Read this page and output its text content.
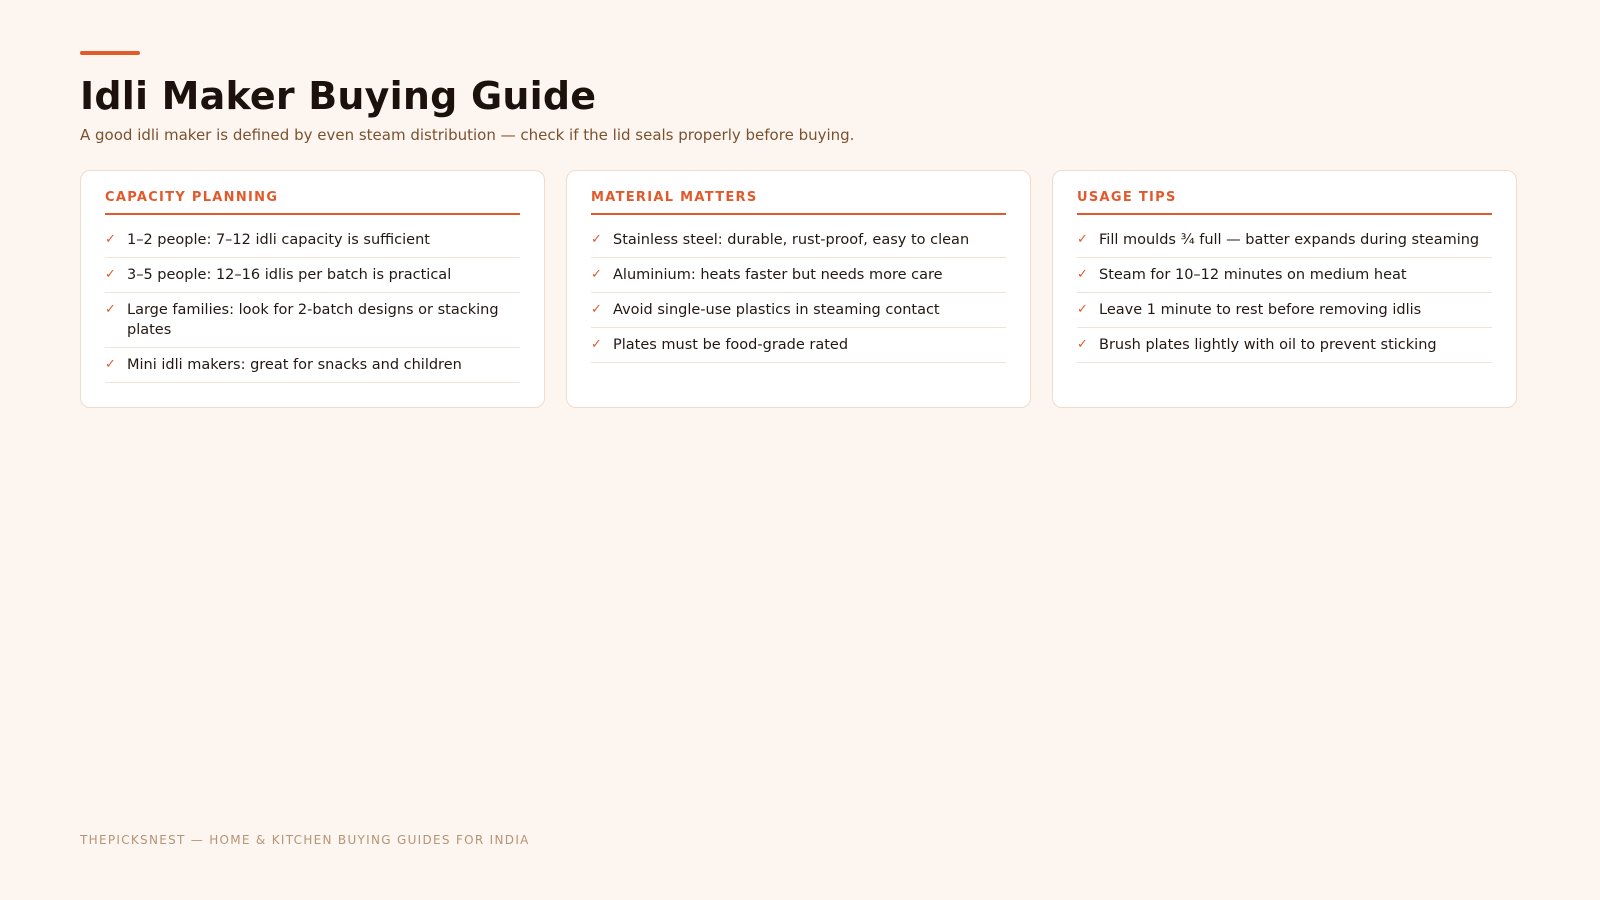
Idli Maker Buying Guide

A good idli maker is defined by even steam distribution — check if the lid seals properly before buying.

CAPACITY PLANNING
✓ 1–2 people: 7–12 idli capacity is sufficient
✓ 3–5 people: 12–16 idlis per batch is practical
✓ Large families: look for 2-batch designs or stacking plates
✓ Mini idli makers: great for snacks and children
MATERIAL MATTERS
✓ Stainless steel: durable, rust-proof, easy to clean
✓ Aluminium: heats faster but needs more care
✓ Avoid single-use plastics in steaming contact
✓ Plates must be food-grade rated
USAGE TIPS
✓ Fill moulds ¾ full — batter expands during steaming
✓ Steam for 10–12 minutes on medium heat
✓ Leave 1 minute to rest before removing idlis
✓ Brush plates lightly with oil to prevent sticking
THEPICKSNEST — HOME & KITCHEN BUYING GUIDES FOR INDIA
